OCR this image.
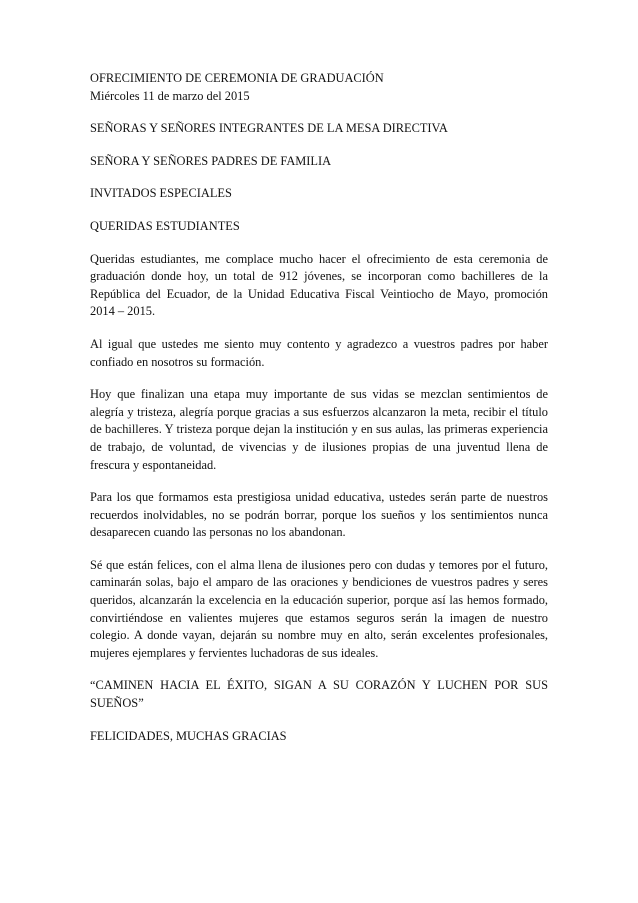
OFRECIMIENTO DE CEREMONIA DE GRADUACIÓN

Miércoles 11 de marzo del 2015

SEÑORAS Y SEÑORES INTEGRANTES DE LA MESA DIRECTIVA

SEÑORA Y SEÑORES PADRES DE FAMILIA

INVITADOS ESPECIALES

QUERIDAS ESTUDIANTES

Queridas estudiantes, me complace mucho hacer el ofrecimiento de esta ceremonia de graduación donde hoy, un total de 912 jóvenes, se incorporan como bachilleres de la República del Ecuador, de la Unidad Educativa Fiscal Veintiocho de Mayo, promoción 2014 – 2015.

Al igual que ustedes me siento muy contento y agradezco a vuestros padres por haber confiado en nosotros su formación.

Hoy que finalizan una etapa muy importante de sus vidas se mezclan sentimientos de alegría y tristeza, alegría porque gracias a sus esfuerzos alcanzaron la meta, recibir el título de bachilleres. Y tristeza porque dejan la institución y en sus aulas, las primeras experiencia de trabajo, de voluntad, de vivencias y de ilusiones propias de una juventud llena de frescura y espontaneidad.

Para los que formamos esta prestigiosa unidad educativa, ustedes serán parte de nuestros recuerdos inolvidables, no se podrán borrar, porque los sueños y los sentimientos nunca desaparecen cuando las personas no los abandonan.

Sé que están felices, con el alma llena de ilusiones pero con dudas y temores por el futuro, caminarán solas, bajo el amparo de las oraciones y bendiciones de vuestros padres y seres queridos, alcanzarán la excelencia en la educación superior, porque así las hemos formado, convirtiéndose en valientes mujeres que estamos seguros serán la imagen de nuestro colegio. A donde vayan, dejarán su nombre muy en alto, serán excelentes profesionales, mujeres ejemplares y fervientes luchadoras de sus ideales.

“CAMINEN HACIA EL ÉXITO, SIGAN A SU CORAZÓN Y LUCHEN POR SUS SUEÑOS”

FELICIDADES, MUCHAS GRACIAS
